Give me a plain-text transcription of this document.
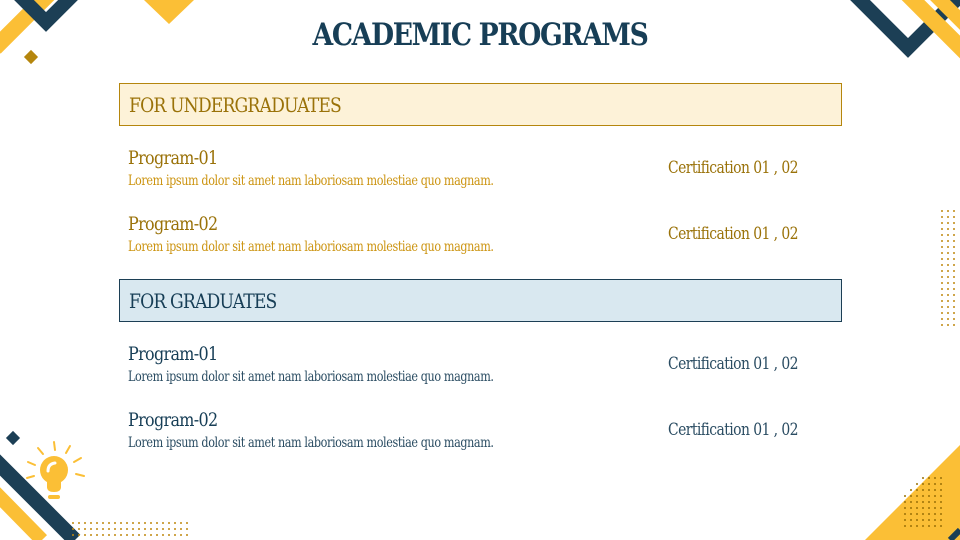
ACADEMIC PROGRAMS
FOR UNDERGRADUATES
Program-01
Lorem ipsum dolor sit amet nam laboriosam molestiae quo magnam.
Certification 01 , 02
Program-02
Lorem ipsum dolor sit amet nam laboriosam molestiae quo magnam.
Certification 01 , 02
FOR GRADUATES
Program-01
Lorem ipsum dolor sit amet nam laboriosam molestiae quo magnam.
Certification 01 , 02
Program-02
Lorem ipsum dolor sit amet nam laboriosam molestiae quo magnam.
Certification 01 , 02
